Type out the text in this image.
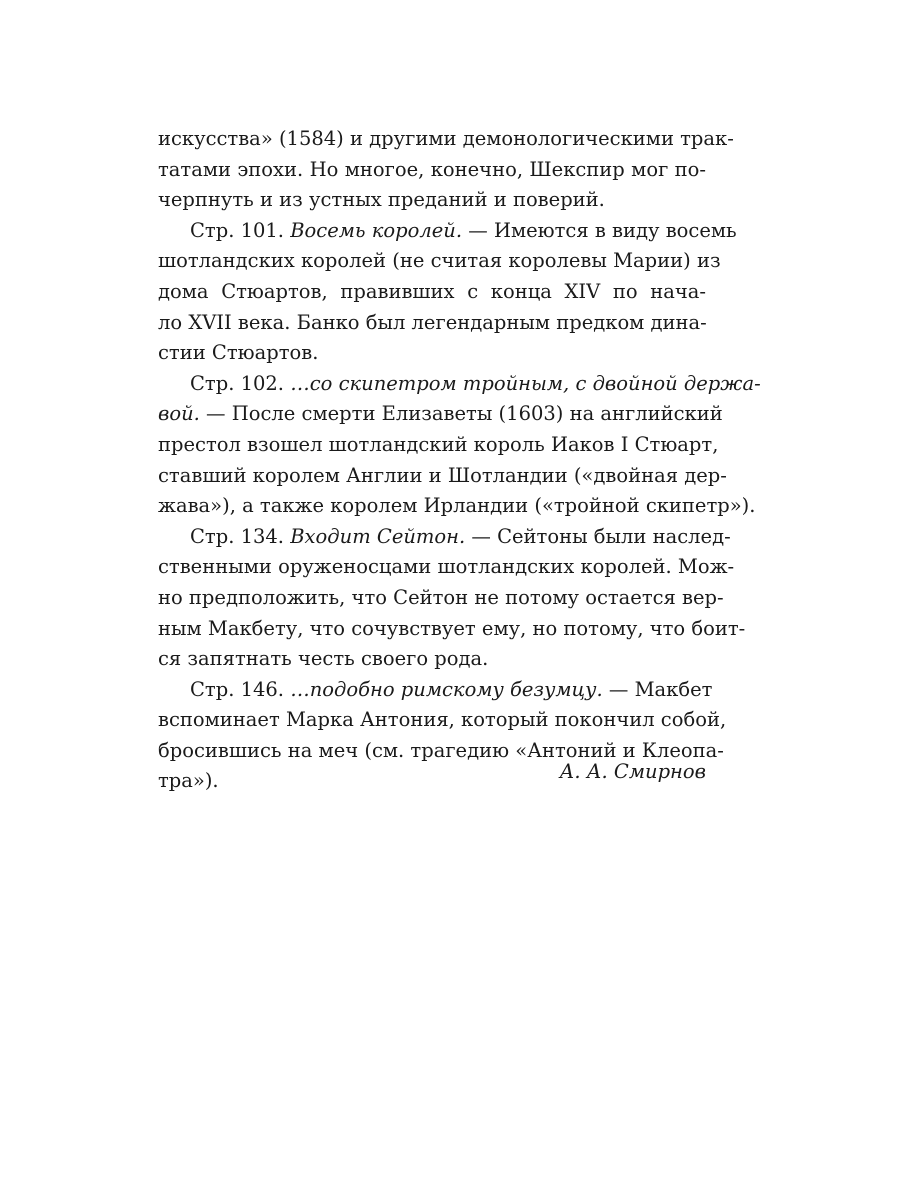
искусства» (1584) и другими демонологическими трак-
татами эпохи. Но многое, конечно, Шекспир мог по-
черпнуть и из устных преданий и поверий.
Стр. 101. Восемь королей. — Имеются в виду восемь
шотландских королей (не считая королевы Марии) из
дома Стюартов, правивших с конца XIV по нача-
ло XVII века. Банко был легендарным предком дина-
стии Стюартов.
Стр. 102. …со скипетром тройным, с двойной держа-
вой. — После смерти Елизаветы (1603) на английский
престол взошел шотландский король Иаков I Стюарт,
ставший королем Англии и Шотландии («двойная дер-
жава»), а также королем Ирландии («тройной скипетр»).
Стр. 134. Входит Сейтон. — Сейтоны были наслед-
ственными оруженосцами шотландских королей. Мож-
но предположить, что Сейтон не потому остается вер-
ным Макбету, что сочувствует ему, но потому, что боит-
ся запятнать честь своего рода.
Стр. 146. …подобно римскому безумцу. — Макбет
вспоминает Марка Антония, который покончил собой,
бросившись на меч (см. трагедию «Антоний и Клеопа-
тра»).	А. А. Смирнов
